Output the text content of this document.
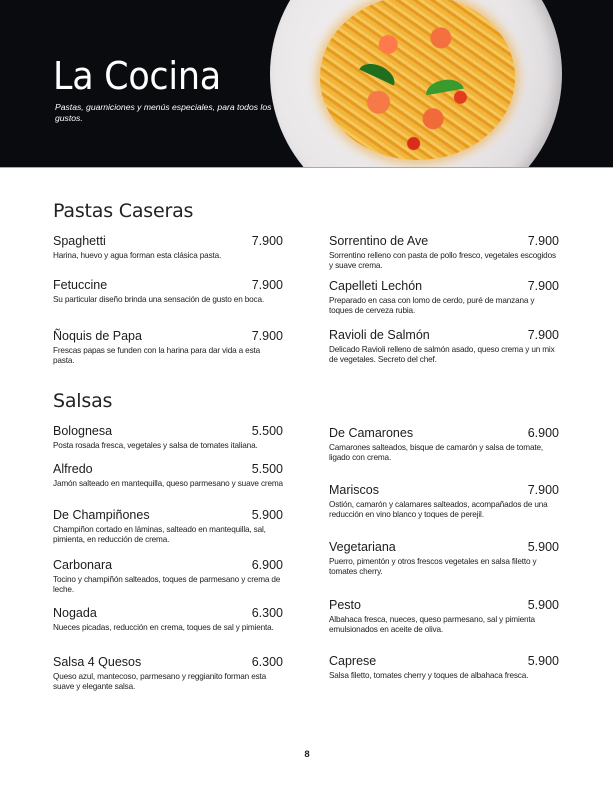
La Cocina

Pastas, guarniciones y menús especiales, para todos los gustos.

Pastas Caseras
Spaghetti	7.900
Harina, huevo y agua forman esta clásica pasta.
Fetuccine	7.900
Su particular diseño brinda una sensación de gusto en boca.
Ñoquis de Papa	7.900
Frescas papas se funden con la harina para dar vida a esta pasta.
Sorrentino de Ave	7.900
Sorrentino relleno con pasta de pollo fresco, vegetales escogidos y suave crema.
Capelleti Lechón	7.900
Preparado en casa con lomo de cerdo, puré de manzana y toques de cerveza rubia.
Ravioli de Salmón	7.900
Delicado Ravioli relleno de salmón asado, queso crema y un mix de vegetales. Secreto del chef.
Salsas
Bolognesa	5.500
Posta rosada fresca, vegetales y salsa de tomates italiana.
Alfredo	5.500
Jamón salteado en mantequilla, queso parmesano y suave crema
De Champiñones	5.900
Champiñon cortado en láminas, salteado en mantequilla, sal, pimienta, en reducción de crema.
Carbonara	6.900
Tocino y champiñón salteados, toques de parmesano y crema de leche.
Nogada	6.300
Nueces picadas, reducción en crema, toques de sal y pimienta.
Salsa 4 Quesos	6.300
Queso azul, mantecoso, parmesano y reggianito forman esta suave y elegante salsa.
De Camarones	6.900
Camarones salteados, bisque de camarón y salsa de tomate, ligado con crema.
Mariscos	7.900
Ostión, camarón y calamares salteados, acompañados de una reducción en vino blanco y toques de perejil.
Vegetariana	5.900
Puerro, pimentón y otros frescos vegetales en salsa filetto y tomates cherry.
Pesto	5.900
Albahaca fresca, nueces, queso parmesano, sal y pimienta emulsionados en aceite de oliva.
Caprese	5.900
Salsa filetto, tomates cherry y toques de albahaca fresca.
8
